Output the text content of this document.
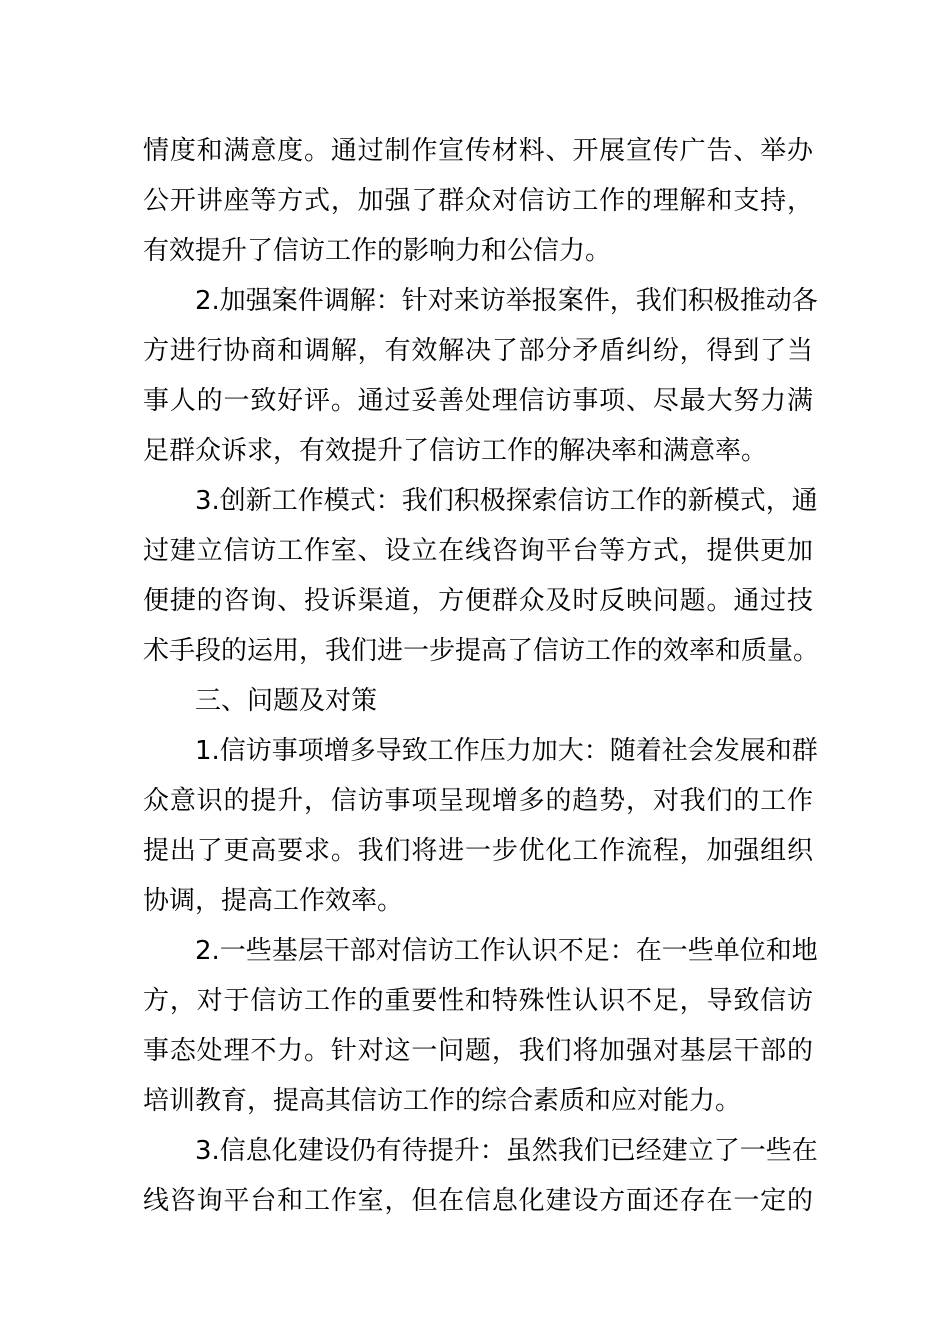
情度和满意度。通过制作宣传材料、开展宣传广告、举办
公开讲座等方式，加强了群众对信访工作的理解和支持，
有效提升了信访工作的影响力和公信力。
2.加强案件调解：针对来访举报案件，我们积极推动各
方进行协商和调解，有效解决了部分矛盾纠纷，得到了当
事人的一致好评。通过妥善处理信访事项、尽最大努力满
足群众诉求，有效提升了信访工作的解决率和满意率。
3.创新工作模式：我们积极探索信访工作的新模式，通
过建立信访工作室、设立在线咨询平台等方式，提供更加
便捷的咨询、投诉渠道，方便群众及时反映问题。通过技
术手段的运用，我们进一步提高了信访工作的效率和质量。
三、问题及对策
1.信访事项增多导致工作压力加大：随着社会发展和群
众意识的提升，信访事项呈现增多的趋势，对我们的工作
提出了更高要求。我们将进一步优化工作流程，加强组织
协调，提高工作效率。
2.一些基层干部对信访工作认识不足：在一些单位和地
方，对于信访工作的重要性和特殊性认识不足，导致信访
事态处理不力。针对这一问题，我们将加强对基层干部的
培训教育，提高其信访工作的综合素质和应对能力。
3.信息化建设仍有待提升：虽然我们已经建立了一些在
线咨询平台和工作室，但在信息化建设方面还存在一定的
